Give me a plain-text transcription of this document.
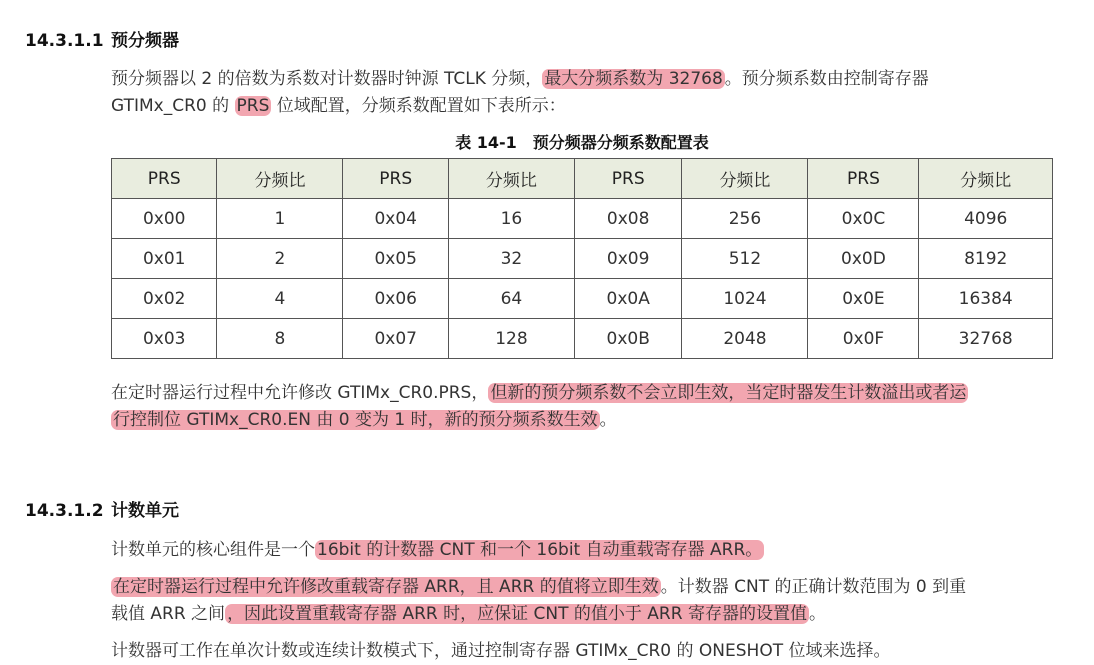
14.3.1.1 预分频器
预分频器以 2 的倍数为系数对计数器时钟源 TCLK 分频， 最大分频系数为 32768 。预分频系数由控制寄存器
GTIMx_CR0 的 PRS 位域配置，分频系数配置如下表所示：
表 14-1　预分频器分频系数配置表
PRS	分频比	PRS	分频比	PRS	分频比	PRS	分频比
0x00	1	0x04	16	0x08	256	0x0C	4096
0x01	2	0x05	32	0x09	512	0x0D	8192
0x02	4	0x06	64	0x0A	1024	0x0E	16384
0x03	8	0x07	128	0x0B	2048	0x0F	32768
在定时器运行过程中允许修改 GTIMx_CR0.PRS， 但新的预分频系数不会立即生效，当定时器发生计数溢出或者运
行控制位 GTIMx_CR0.EN 由 0 变为 1 时，新的预分频系数生效 。
14.3.1.2 计数单元
计数单元的核心组件是一个 16bit 的计数器 CNT 和一个 16bit 自动重载寄存器 ARR。
在定时器运行过程中允许修改重载寄存器 ARR，且 ARR 的值将立即生效 。计数器 CNT 的正确计数范围为 0 到重
载值 ARR 之间 ，因此设置重载寄存器 ARR 时，应保证 CNT 的值小于 ARR 寄存器的设置值 。
计数器可工作在单次计数或连续计数模式下，通过控制寄存器 GTIMx_CR0 的 ONESHOT 位域来选择。
